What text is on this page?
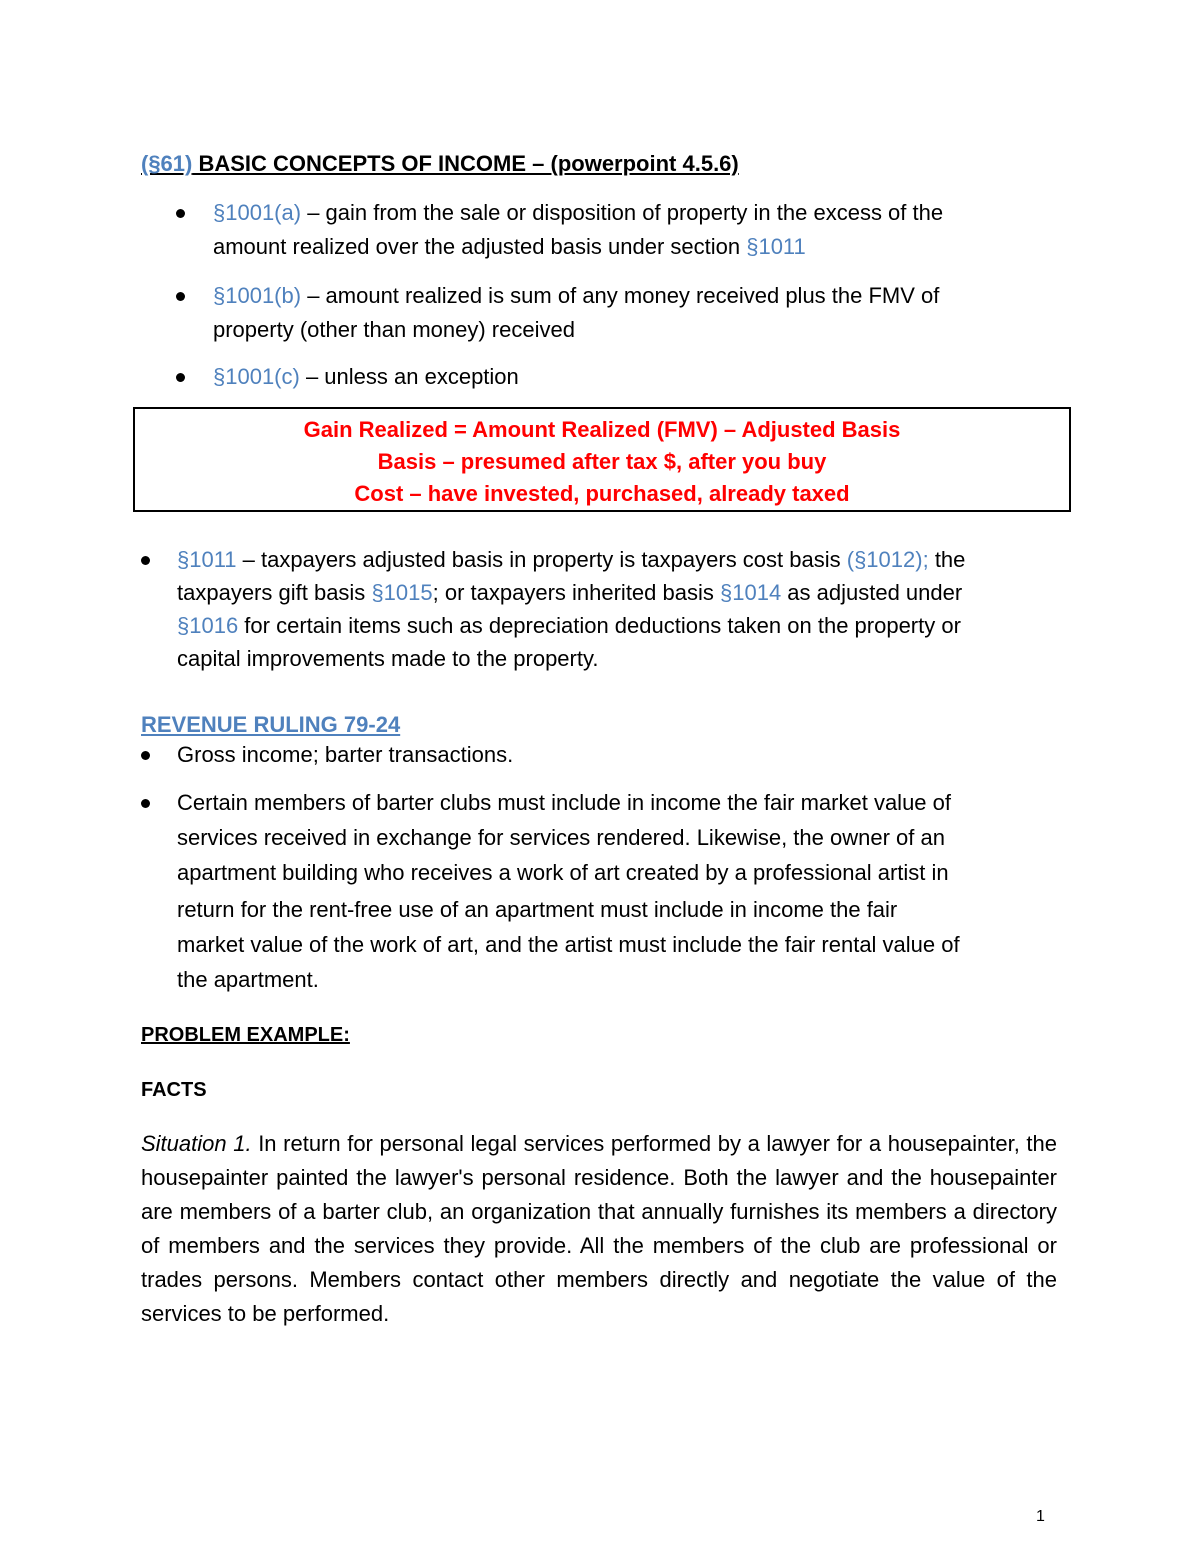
(§61) BASIC CONCEPTS OF INCOME – (powerpoint 4.5.6)
§1001(a) – gain from the sale or disposition of property in the excess of the
amount realized over the adjusted basis under section §1011
§1001(b) – amount realized is sum of any money received plus the FMV of
property (other than money) received
§1001(c) – unless an exception
Gain Realized = Amount Realized (FMV) – Adjusted Basis
Basis – presumed after tax $, after you buy
Cost – have invested, purchased, already taxed
§1011 – taxpayers adjusted basis in property is taxpayers cost basis (§1012); the
taxpayers gift basis §1015; or taxpayers inherited basis §1014 as adjusted under
§1016 for certain items such as depreciation deductions taken on the property or
capital improvements made to the property.
REVENUE RULING 79-24
Gross income; barter transactions.
Certain members of barter clubs must include in income the fair market value of
services received in exchange for services rendered. Likewise, the owner of an
apartment building who receives a work of art created by a professional artist in
return for the rent-free use of an apartment must include in income the fair
market value of the work of art, and the artist must include the fair rental value of
the apartment.
PROBLEM EXAMPLE:
FACTS
Situation 1. In return for personal legal services performed by a lawyer for a housepainter, the housepainter painted the lawyer's personal residence. Both the lawyer and the housepainter are members of a barter club, an organization that annually furnishes its members a directory of members and the services they provide. All the members of the club are professional or trades persons. Members contact other members directly and negotiate the value of the services to be performed.
1
